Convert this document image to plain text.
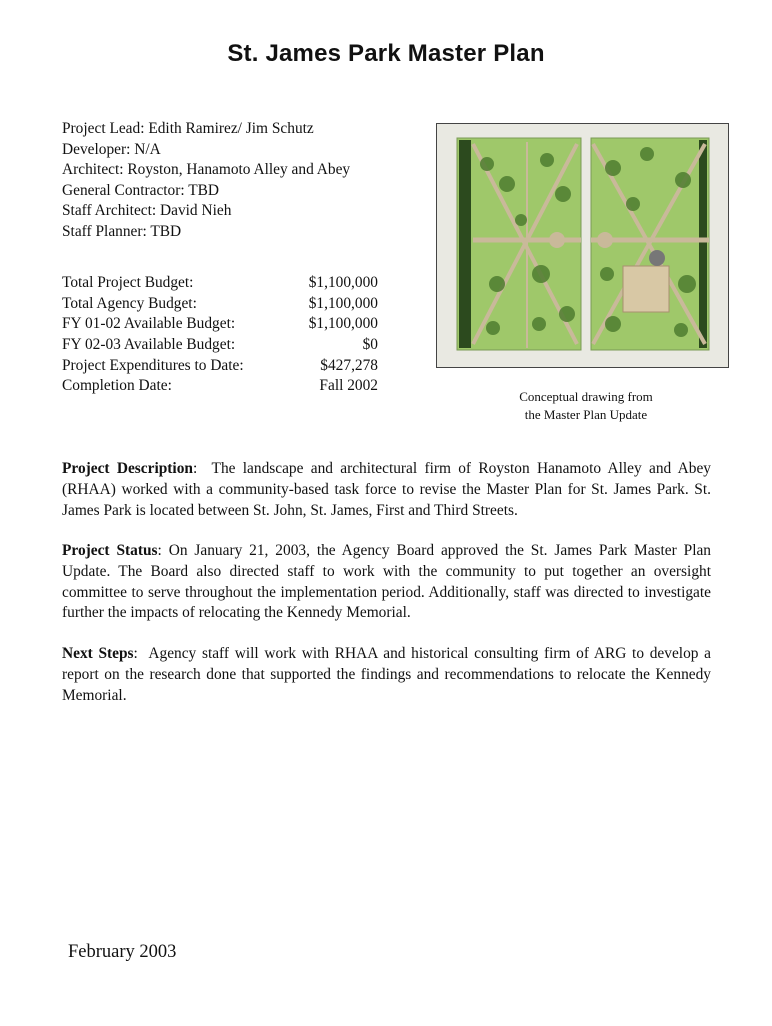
St. James Park Master Plan
Project Lead: Edith Ramirez/ Jim Schutz
Developer: N/A
Architect: Royston, Hanamoto Alley and Abey
General Contractor: TBD
Staff Architect: David Nieh
Staff Planner: TBD
Total Project Budget:	$1,100,000
Total Agency Budget:	$1,100,000
FY 01-02 Available Budget:	$1,100,000
FY 02-03 Available Budget:	$0
Project Expenditures to Date:	$427,278
Completion Date:	Fall 2002
Conceptual drawing from
the Master Plan Update

Project Description:  The landscape and architectural firm of Royston Hanamoto Alley and Abey (RHAA) worked with a community-based task force to revise the Master Plan for St. James Park. St. James Park is located between St. John, St. James, First and Third Streets.

Project Status: On January 21, 2003, the Agency Board approved the St. James Park Master Plan Update. The Board also directed staff to work with the community to put together an oversight committee to serve throughout the implementation period. Additionally, staff was directed to investigate further the impacts of relocating the Kennedy Memorial.

Next Steps:  Agency staff will work with RHAA and historical consulting firm of ARG to develop a report on the research done that supported the findings and recommendations to relocate the Kennedy Memorial.

February 2003
